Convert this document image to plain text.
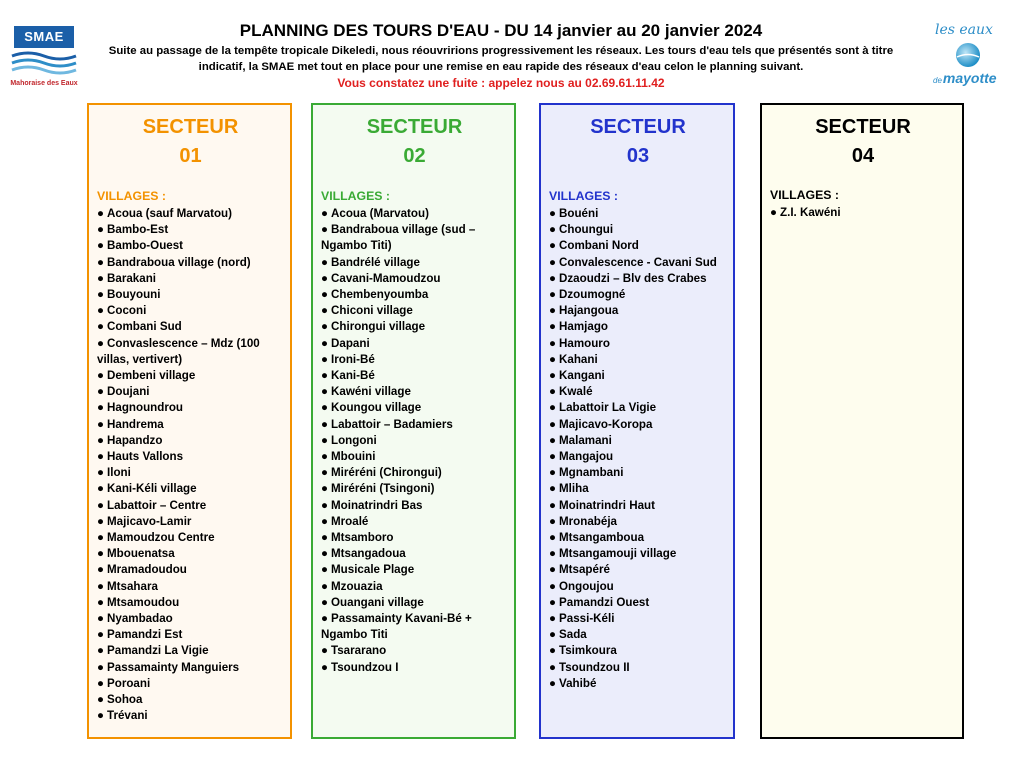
SMAE
Mahoraise des Eaux
PLANNING DES TOURS D'EAU - DU 14 janvier au 20 janvier 2024
Suite au passage de la tempête tropicale Dikeledi, nous réouvririons progressivement les réseaux. Les tours d'eau tels que présentés sont à titre indicatif, la SMAE met tout en place pour une remise en eau rapide des réseaux d'eau celon le planning suivant.
Vous constatez une fuite : appelez nous au 02.69.61.11.42
les eaux
demayotte
SECTEUR
01
VILLAGES :
● Acoua (sauf Marvatou)
● Bambo-Est
● Bambo-Ouest
● Bandraboua village (nord)
● Barakani
● Bouyouni
● Coconi
● Combani Sud
● Convaslescence – Mdz (100 villas, vertivert)
● Dembeni village
● Doujani
● Hagnoundrou
● Handrema
● Hapandzo
● Hauts Vallons
● Iloni
● Kani-Kéli village
● Labattoir – Centre
● Majicavo-Lamir
● Mamoudzou Centre
● Mbouenatsa
● Mramadoudou
● Mtsahara
● Mtsamoudou
● Nyambadao
● Pamandzi Est
● Pamandzi La Vigie
● Passamainty Manguiers
● Poroani
● Sohoa
● Trévani
SECTEUR
02
VILLAGES :
● Acoua (Marvatou)
● Bandraboua village (sud – Ngambo Titi)
● Bandrélé village
● Cavani-Mamoudzou
● Chembenyoumba
● Chiconi village
● Chirongui village
● Dapani
● Ironi-Bé
● Kani-Bé
● Kawéni village
● Koungou village
● Labattoir – Badamiers
● Longoni
● Mbouini
● Miréréni (Chirongui)
● Miréréni (Tsingoni)
● Moinatrindri Bas
● Mroalé
● Mtsamboro
● Mtsangadoua
● Musicale Plage
● Mzouazia
● Ouangani village
● Passamainty Kavani-Bé + Ngambo Titi
● Tsararano
● Tsoundzou I
SECTEUR
03
VILLAGES :
● Bouéni
● Choungui
● Combani Nord
● Convalescence - Cavani Sud
● Dzaoudzi – Blv des Crabes
● Dzoumogné
● Hajangoua
● Hamjago
● Hamouro
● Kahani
● Kangani
● Kwalé
● Labattoir La Vigie
● Majicavo-Koropa
● Malamani
● Mangajou
● Mgnambani
● Mliha
● Moinatrindri Haut
● Mronabéja
● Mtsangamboua
● Mtsangamouji village
● Mtsapéré
● Ongoujou
● Pamandzi Ouest
● Passi-Kéli
● Sada
● Tsimkoura
● Tsoundzou II
● Vahibé
SECTEUR
04
VILLAGES :
● Z.I. Kawéni
